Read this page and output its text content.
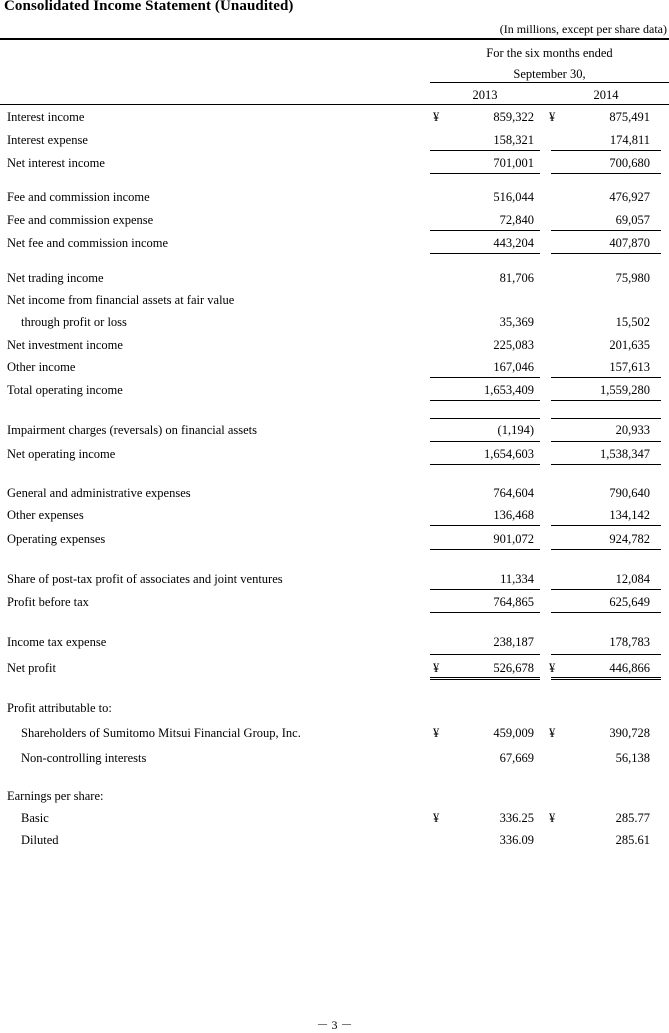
Consolidated Income Statement (Unaudited)
(In millions, except per share data)
For the six months ended
September 30,
2013	2014
Interest income	¥	859,322 ¥	875,491
Interest expense	158,321	174,811
Net interest income	701,001	700,680
Fee and commission income	516,044	476,927
Fee and commission expense	72,840	69,057
Net fee and commission income	443,204	407,870
Net trading income	81,706	75,980
Net income from financial assets at fair value
through profit or loss	35,369	15,502
Net investment income	225,083	201,635
Other income	167,046	157,613
Total operating income	1,653,409	1,559,280
Impairment charges (reversals) on financial assets	(1,194)	20,933
Net operating income	1,654,603	1,538,347
General and administrative expenses	764,604	790,640
Other expenses	136,468	134,142
Operating expenses	901,072	924,782
Share of post-tax profit of associates and joint ventures	11,334	12,084
Profit before tax	764,865	625,649
Income tax expense	238,187	178,783
Net profit	¥	526,678 ¥	446,866
Profit attributable to:
Shareholders of Sumitomo Mitsui Financial Group, Inc.	¥	459,009 ¥	390,728
Non-controlling interests	67,669	56,138
Earnings per share:
Basic	¥	336.25 ¥	285.77
Diluted	336.09	285.61
－ 3 －
